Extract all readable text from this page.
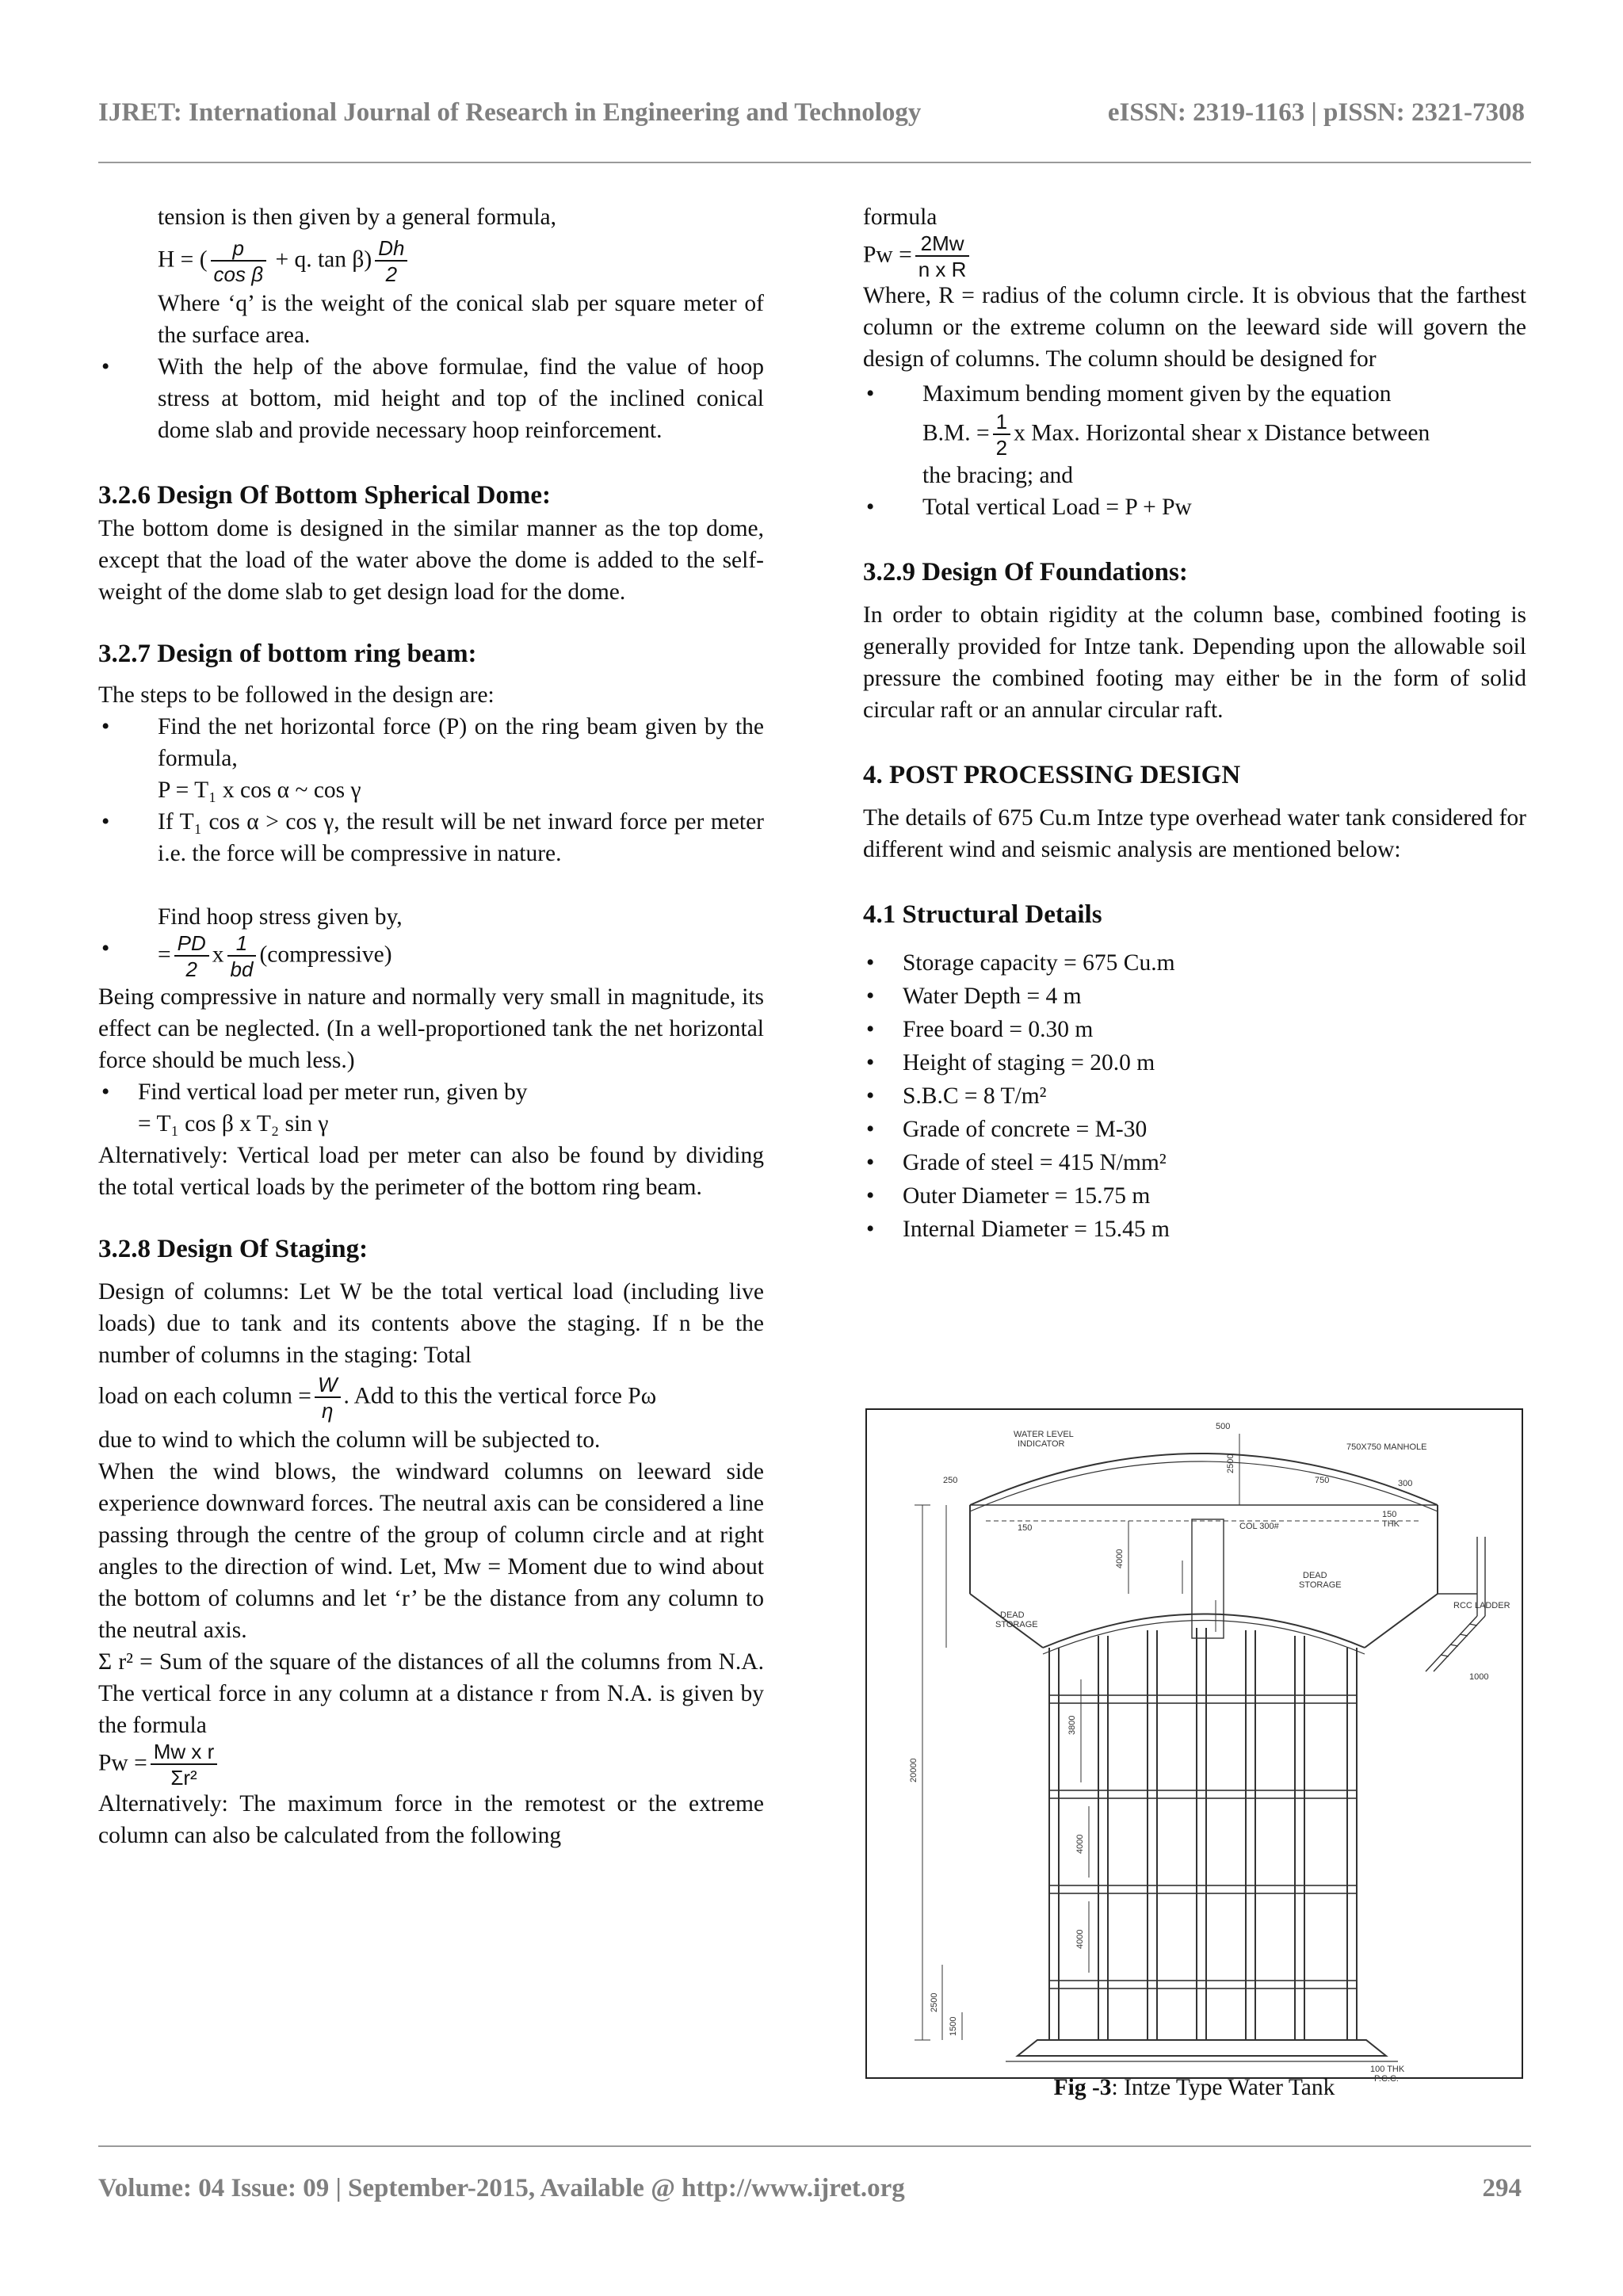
IJRET: International Journal of Research in Engineering and Technology	eISSN: 2319-1163 | pISSN: 2321-7308

tension is then given by a general formula,

H = ( $\frac{p}{\text{cos β}} + q$. $\tan \beta) \frac{Dh}{2}$

Where ‘q’ is the weight of the conical slab per square meter of the surface area.

• With the help of the above formulae, find the value of hoop stress at bottom, mid height and top of the inclined conical dome slab and provide necessary hoop reinforcement.

3.2.6 Design Of Bottom Spherical Dome:

The bottom dome is designed in the similar manner as the top dome, except that the load of the water above the dome is added to the self-weight of the dome slab to get design load for the dome.

3.2.7 Design of bottom ring beam:

The steps to be followed in the design are:

• Find the net horizontal force (P) on the ring beam given by the formula,

P = T₁ x cos α ~ cos γ

• If T₁ cos α > cos γ, the result will be net inward force per meter i.e. the force will be compressive in nature.

Find hoop stress given by,

• = $\frac{PD}{2}$ x $\frac{1}{bd}$ (compressive)

Being compressive in nature and normally very small in magnitude, its effect can be neglected. (In a well-proportioned tank the net horizontal force should be much less.)

• Find vertical load per meter run, given by

= T₁ cos β x T₂ sin γ

Alternatively: Vertical load per meter can also be found by dividing the total vertical loads by the perimeter of the bottom ring beam.

3.2.8 Design Of Staging:

Design of columns: Let W be the total vertical load (including live loads) due to tank and its contents above the staging. If n be the number of columns in the staging: Total

load on each column = $\frac{W}{\eta}$ . Add to this the vertical force Pω

due to wind to which the column will be subjected to.

When the wind blows, the windward columns on leeward side experience downward forces. The neutral axis can be considered a line passing through the centre of the group of column circle and at right angles to the direction of wind. Let, Mw = Moment due to wind about the bottom of columns and let ‘r’ be the distance from any column to the neutral axis.

Σ r² = Sum of the square of the distances of all the columns from N.A. The vertical force in any column at a distance r from N.A. is given by the formula

$Pw = \frac{\text{Mw x r}}{\text{Σr²}}$

Alternatively: The maximum force in the remotest or the extreme column can also be calculated from the following

formula

$Pw = \frac{2Mw}{\text{n x R}}$

Where, R = radius of the column circle. It is obvious that the farthest column or the extreme column on the leeward side will govern the design of columns. The column should be designed for

• Maximum bending moment given by the equation

B.M. = $\frac{1}{2}$ x Max. Horizontal shear x Distance between

the bracing; and

• Total vertical Load = P + Pw

3.2.9 Design Of Foundations:

In order to obtain rigidity at the column base, combined footing is generally provided for Intze tank. Depending upon the allowable soil pressure the combined footing may either be in the form of solid circular raft or an annular circular raft.

4. POST PROCESSING DESIGN

The details of 675 Cu.m Intze type overhead water tank considered for different wind and seismic analysis are mentioned below:

4.1 Structural Details

• Storage capacity = 675 Cu.m

• Water Depth = 4 m

• Free board = 0.30 m

• Height of staging = 20.0 m

• S.B.C = 8 T/m²

• Grade of concrete = M-30

• Grade of steel = 415 N/mm²

• Outer Diameter = 15.75 m

• Internal Diameter = 15.45 m

WATER LEVEL
INDICATOR	750X750 MANHOLE
COL 300#
DEAD
STORAGE
DEAD
STORAGE
RCC LADDER
100 THK
P.C.C.
150
THK
150
250	300
750
500
1000
20000
3800
4000
4000
4000
2500
1500
2500
Fig -3: Intze Type Water Tank
Volume: 04 Issue: 09 | September-2015, Available @ http://www.ijret.org	294
